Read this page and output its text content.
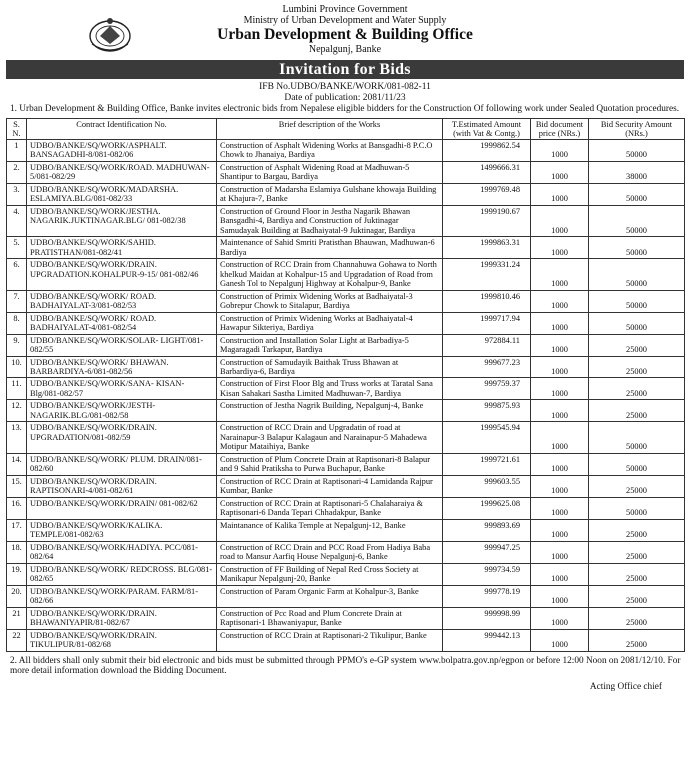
Lumbini Province Government
Ministry of Urban Development and Water Supply
Urban Development & Building Office
Nepalgunj, Banke
Invitation for Bids
IFB No.UDBO/BANKE/WORK/081-082-11
Date of publication: 2081/11/23
1. Urban Development & Building Office, Banke invites electronic bids from Nepalese eligible bidders for the Construction Of following work under Sealed Quotation procedures.
S. N.	Contract Identification No.	Brief description of the Works	T.Estimated Amount (with Vat & Contg.)	Bid document price (NRs.)	Bid Security Amount (NRs.)
1	UDBO/BANKE/SQ/WORK/ASPHALT. BANSAGADHI-8/081-082/06	Construction of Asphalt Widening Works at Bansgadhi-8 P.C.O Chowk to Jhanaiya, Bardiya	1999862.54	1000	50000
2.	UDBO/BANKE/SQ/WORK/ROAD. MADHUWAN-5/081-082/29	Construction of Asphalt Widening Road at Madhuwan-5 Shantipur to Bargau, Bardiya	1499666.31	1000	38000
3.	UDBO/BANKE/SQ/WORK/MADARSHA. ESLAMIYA.BLG/081-082/33	Construction of Madarsha Eslamiya Gulshane khowaja Building at Khajura-7, Banke	1999769.48	1000	50000
4.	UDBO/BANKE/SQ/WORK/JESTHA. NAGARIK.JUKTINAGAR.BLG/ 081-082/38	Construction of Ground Floor in Jestha Nagarik Bhawan Bansgadhi-4, Bardiya and Construction of Juktinagar Samudayak Building at Badhaiyatal-9 Juktinagar, Bardiya	1999190.67	1000	50000
5.	UDBO/BANKE/SQ/WORK/SAHID. PRATISTHAN/081-082/41	Maintenance of Sahid Smriti Pratisthan Bhauwan, Madhuwan-6 Bardiya	1999863.31	1000	50000
6.	UDBO/BANKE/SQ/WORK/DRAIN. UPGRADATION.KOHALPUR-9-15/ 081-082/46	Construction of RCC Drain from Channahuwa Gohawa to North khelkud Maidan at Kohalpur-15 and Upgradation of Road from Ganesh Tol to Nepalgunj Highway at Kohalpur-9, Banke	1999331.24	1000	50000
7.	UDBO/BANKE/SQ/WORK/ ROAD. BADHAIYALAT-3/081-082/53	Construction of Primix Widening Works at Badhaiyatal-3 Gobrepur Chowk to Sitalapur, Bardiya	1999810.46	1000	50000
8.	UDBO/BANKE/SQ/WORK/ ROAD. BADHAIYALAT-4/081-082/54	Construction of Primix Widening Works at Badhaiyatal-4 Hawapur Sikteriya, Bardiya	1999717.94	1000	50000
9.	UDBO/BANKE/SQ/WORK/SOLAR- LIGHT/081-082/55	Construction and Installation Solar Light at Barbadiya-5 Magaragadi Tarkapur, Bardiya	972884.11	1000	25000
10.	UDBO/BANKE/SQ/WORK/ BHAWAN. BARBARDIYA-6/081-082/56	Construction of Samudayik Baithak Truss Bhawan at Barbardiya-6, Bardiya	999677.23	1000	25000
11.	UDBO/BANKE/SQ/WORK/SANA- KISAN-Blg/081-082/57	Construction of First Floor Blg and Truss works at Taratal Sana Kisan Sahakari Sastha Limited Madhuwan-7, Bardiya	999759.37	1000	25000
12.	UDBO/BANKE/SQ/WORK/JESTH- NAGARIK.BLG/081-082/58	Construction of Jestha Nagrik Building, Nepalgunj-4, Banke	999875.93	1000	25000
13.	UDBO/BANKE/SQ/WORK/DRAIN. UPGRADATION/081-082/59	Construction of RCC Drain and Upgradatin of road at Narainapur-3 Balapur Kalagaun and Narainapur-5 Mahadewa Motipur Mataihiya, Banke	1999545.94	1000	50000
14.	UDBO/BANKE/SQ/WORK/ PLUM. DRAIN/081-082/60	Construction of Plum Concrete Drain at Raptisonari-8 Balapur and 9 Sahid Pratiksha to Purwa Buchapur, Banke	1999721.61	1000	50000
15.	UDBO/BANKE/SQ/WORK/DRAIN. RAPTISONARI-4/081-082/61	Construction of RCC Drain at Raptisonari-4 Lamidanda Rajpur Kumbar, Banke	999603.55	1000	25000
16.	UDBO/BANKE/SQ/WORK/DRAIN/ 081-082/62	Construction of RCC Drain at Raptisonari-5 Chalaharaiya & Raptisonari-6 Danda Tepari Chhadakpur, Banke	1999625.08	1000	50000
17.	UDBO/BANKE/SQ/WORK/KALIKA. TEMPLE/081-082/63	Maintanance of Kalika Temple at Nepalgunj-12, Banke	999893.69	1000	25000
18.	UDBO/BANKE/SQ/WORK/HADIYA. PCC/081-082/64	Construction of RCC Drain and PCC Road From Hadiya Baba road to Mansur Aarfiq House Nepalgunj-6, Banke	999947.25	1000	25000
19.	UDBO/BANKE/SQ/WORK/ REDCROSS. BLG/081-082/65	Construction of FF Building of Nepal Red Cross Society at Manikapur Nepalgunj-20, Banke	999734.59	1000	25000
20.	UDBO/BANKE/SQ/WORK/PARAM. FARM/81-082/66	Construction of Param Organic Farm at Kohalpur-3, Banke	999778.19	1000	25000
21	UDBO/BANKE/SQ/WORK/DRAIN. BHAWANIYAPIR/81-082/67	Construction of Pcc Road and Plum Concrete Drain at Raptisonari-1 Bhawaniyapur, Banke	999998.99	1000	25000
22	UDBO/BANKE/SQ/WORK/DRAIN. TIKULIPUR/81-082/68	Construction of RCC Drain at Raptisonari-2 Tikulipur, Banke	999442.13	1000	25000
2. All bidders shall only submit their bid electronic and bids must be submitted through PPMO's e-GP system www.bolpatra.gov.np/egpon or before 12:00 Noon on 2081/12/10. For more detail information download the Bidding Document.
Acting Office chief
